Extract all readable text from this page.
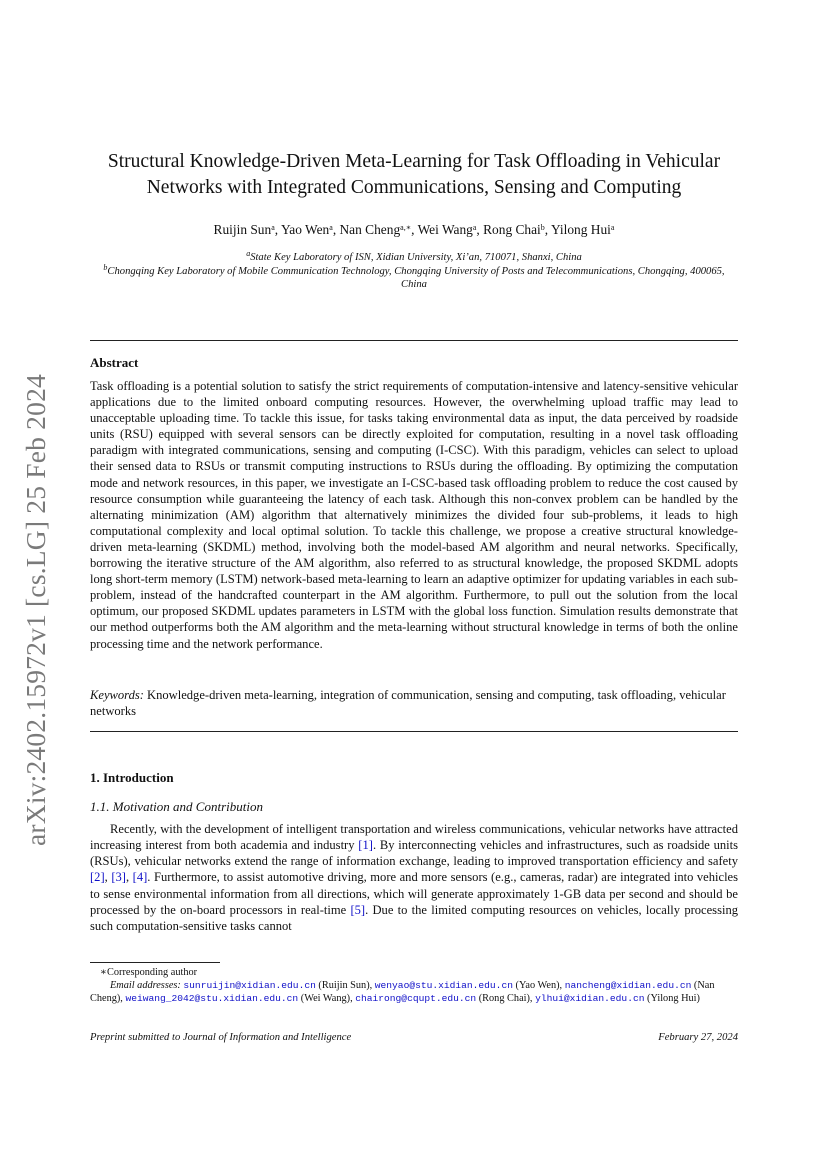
arXiv:2402.15972v1 [cs.LG] 25 Feb 2024
Structural Knowledge-Driven Meta-Learning for Task Offloading in Vehicular Networks with Integrated Communications, Sensing and Computing
Ruijin Sun$^a$, Yao Wen$^a$, Nan Cheng$^{a,∗}$, Wei Wang$^a$, Rong Chai$^b$, Yilong Hui$^a$
$^a$State Key Laboratory of ISN, Xidian University, Xi’an, 710071, Shanxi, China
$^b$Chongqing Key Laboratory of Mobile Communication Technology, Chongqing University of Posts and Telecommunications, Chongqing, 400065, China
Abstract
Task offloading is a potential solution to satisfy the strict requirements of computation-intensive and latency-sensitive vehicular applications due to the limited onboard computing resources. However, the overwhelming upload traffic may lead to unacceptable uploading time. To tackle this issue, for tasks taking environmental data as input, the data perceived by roadside units (RSU) equipped with several sensors can be directly exploited for computation, resulting in a novel task offloading paradigm with integrated communications, sensing and computing (I-CSC). With this paradigm, vehicles can select to upload their sensed data to RSUs or transmit computing instructions to RSUs during the offloading. By optimizing the computation mode and network resources, in this paper, we investigate an I-CSC-based task offloading problem to reduce the cost caused by resource consumption while guaranteeing the latency of each task. Although this non-convex problem can be handled by the alternating minimization (AM) algorithm that alternatively minimizes the divided four sub-problems, it leads to high computational complexity and local optimal solution. To tackle this challenge, we propose a creative structural knowledge-driven meta-learning (SKDML) method, involving both the model-based AM algorithm and neural networks. Specifically, borrowing the iterative structure of the AM algorithm, also referred to as structural knowledge, the proposed SKDML adopts long short-term memory (LSTM) network-based meta-learning to learn an adaptive optimizer for updating variables in each sub-problem, instead of the handcrafted counterpart in the AM algorithm. Furthermore, to pull out the solution from the local optimum, our proposed SKDML updates parameters in LSTM with the global loss function. Simulation results demonstrate that our method outperforms both the AM algorithm and the meta-learning without structural knowledge in terms of both the online processing time and the network performance.
Keywords: Knowledge-driven meta-learning, integration of communication, sensing and computing, task offloading, vehicular networks
1. Introduction
1.1. Motivation and Contribution

Recently, with the development of intelligent transportation and wireless communications, vehicular networks have attracted increasing interest from both academia and industry [1]. By interconnecting vehicles and infrastructures, such as roadside units (RSUs), vehicular networks extend the range of information exchange, leading to improved transportation efficiency and safety [2], [3], [4]. Furthermore, to assist automotive driving, more and more sensors (e.g., cameras, radar) are integrated into vehicles to sense environmental information from all directions, which will generate approximately 1-GB data per second and should be processed by the on-board processors in real-time [5]. Due to the limited computing resources on vehicles, locally processing such computation-sensitive tasks cannot

∗Corresponding author
Email addresses: sunruijin@xidian.edu.cn (Ruijin Sun), wenyao@stu.xidian.edu.cn (Yao Wen), nancheng@xidian.edu.cn (Nan Cheng), weiwang_2042@stu.xidian.edu.cn (Wei Wang), chairong@cqupt.edu.cn (Rong Chai), ylhui@xidian.edu.cn (Yilong Hui)
Preprint submitted to Journal of Information and Intelligence	February 27, 2024
